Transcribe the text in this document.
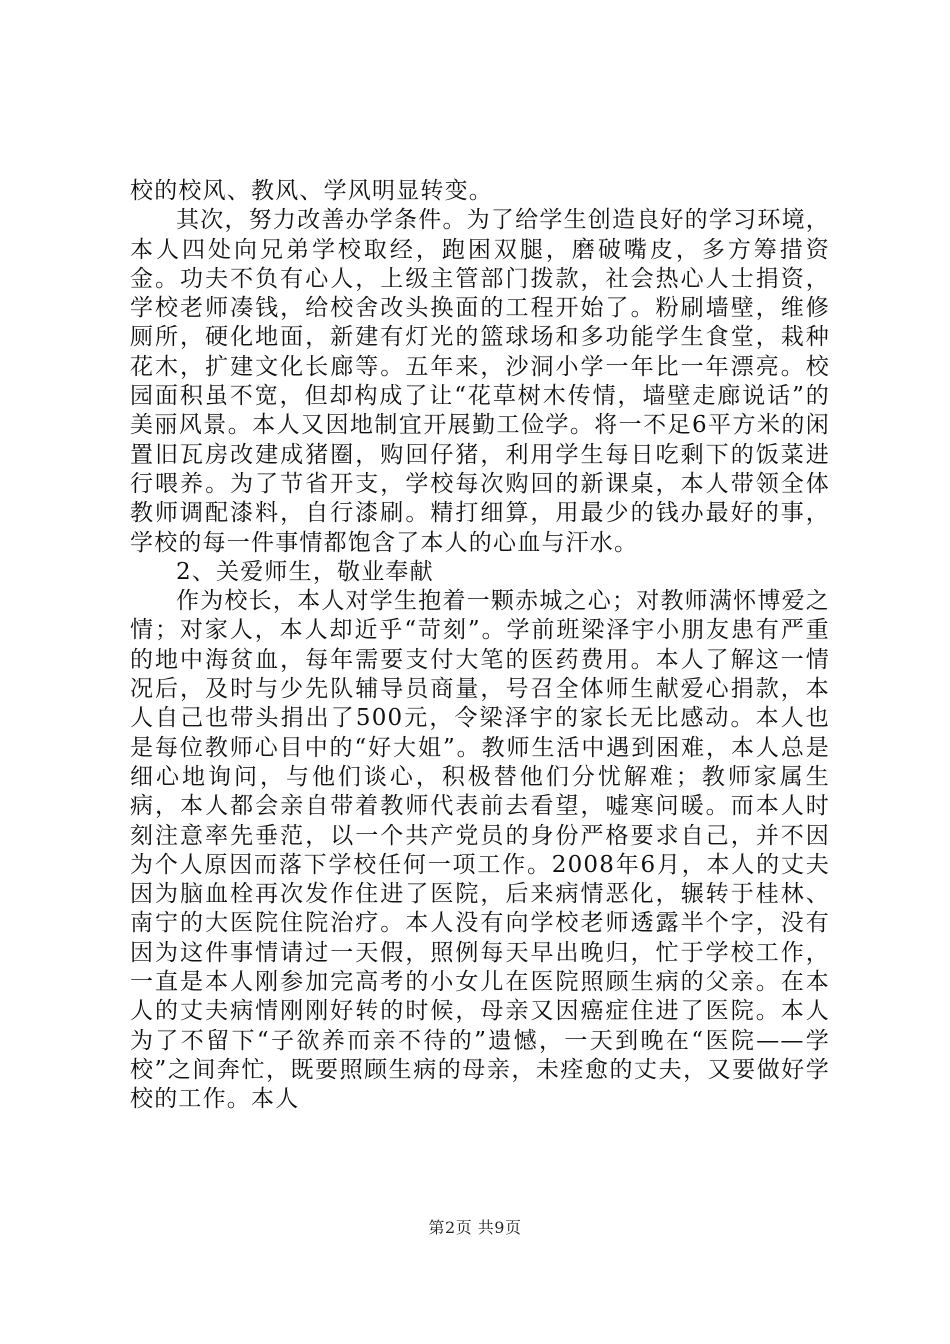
校的校风、教风、学风明显转变。

其次，努力改善办学条件。为了给学生创造良好的学习环境，本人四处向兄弟学校取经，跑困双腿，磨破嘴皮，多方筹措资金。功夫不负有心人，上级主管部门拨款，社会热心人士捐资，学校老师凑钱，给校舍改头换面的工程开始了。粉刷墙壁，维修厕所，硬化地面，新建有灯光的篮球场和多功能学生食堂，栽种花木，扩建文化长廊等。五年来，沙洞小学一年比一年漂亮。校园面积虽不宽，但却构成了让“花草树木传情，墙壁走廊说话”的美丽风景。本人又因地制宜开展勤工俭学。将一不足6平方米的闲置旧瓦房改建成猪圈，购回仔猪，利用学生每日吃剩下的饭菜进行喂养。为了节省开支，学校每次购回的新课桌，本人带领全体教师调配漆料，自行漆刷。精打细算，用最少的钱办最好的事，学校的每一件事情都饱含了本人的心血与汗水。

2、关爱师生，敬业奉献

作为校长，本人对学生抱着一颗赤城之心；对教师满怀博爱之情；对家人，本人却近乎“苛刻”。学前班梁泽宇小朋友患有严重的地中海贫血，每年需要支付大笔的医药费用。本人了解这一情况后，及时与少先队辅导员商量，号召全体师生献爱心捐款，本人自己也带头捐出了500元，令梁泽宇的家长无比感动。本人也是每位教师心目中的“好大姐”。教师生活中遇到困难，本人总是细心地询问，与他们谈心，积极替他们分忧解难；教师家属生病，本人都会亲自带着教师代表前去看望，嘘寒问暖。而本人时刻注意率先垂范，以一个共产党员的身份严格要求自己，并不因为个人原因而落下学校任何一项工作。2008年6月，本人的丈夫因为脑血栓再次发作住进了医院，后来病情恶化，辗转于桂林、南宁的大医院住院治疗。本人没有向学校老师透露半个字，没有因为这件事情请过一天假，照例每天早出晚归，忙于学校工作，一直是本人刚参加完高考的小女儿在医院照顾生病的父亲。在本人的丈夫病情刚刚好转的时候，母亲又因癌症住进了医院。本人为了不留下“子欲养而亲不待的”遗憾，一天到晚在“医院——学校”之间奔忙，既要照顾生病的母亲，未痊愈的丈夫，又要做好学校的工作。本人

第2页 共9页
